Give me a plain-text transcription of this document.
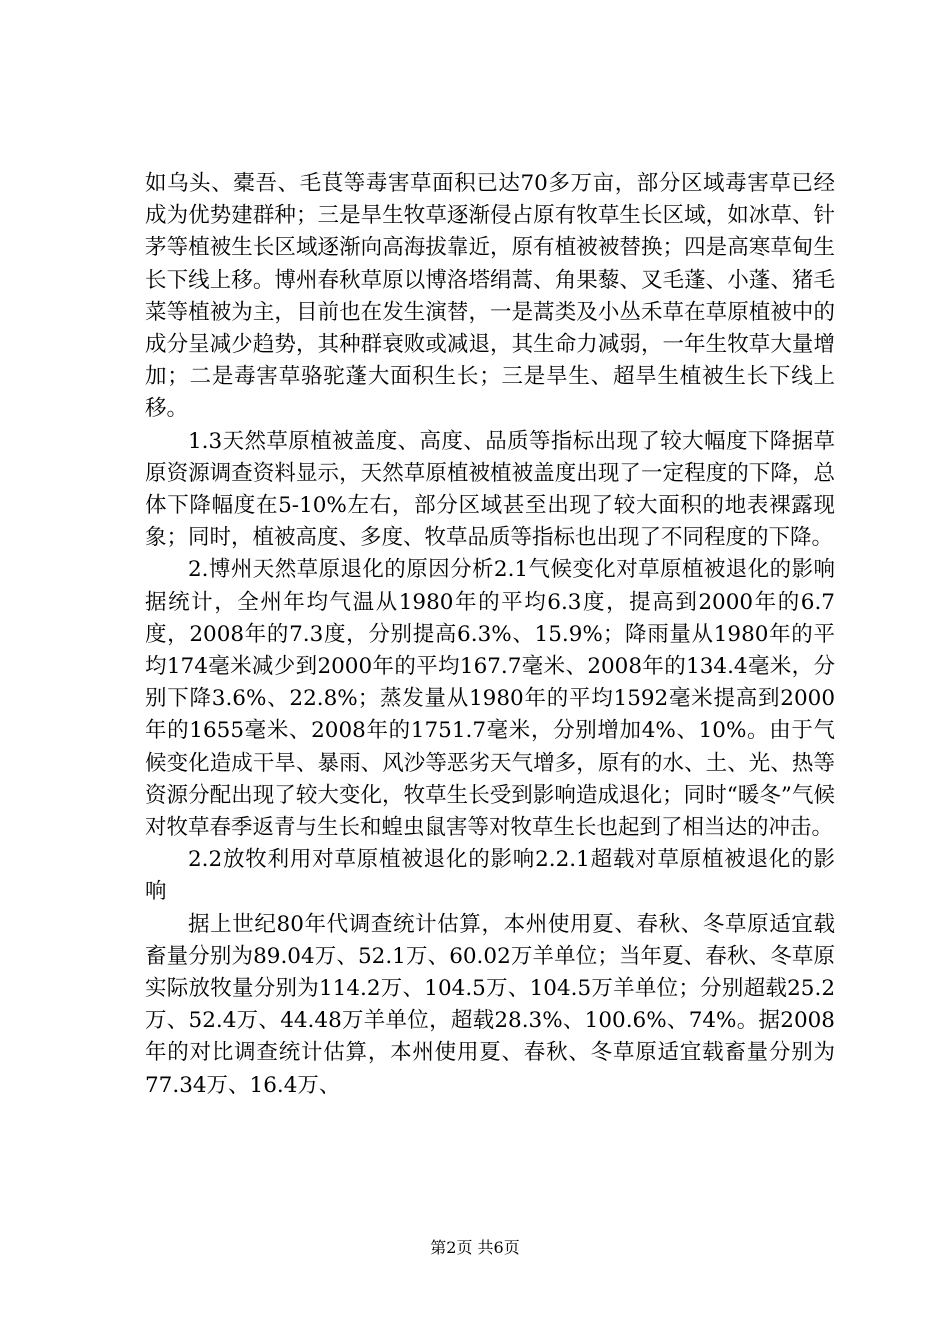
如乌头、橐吾、毛茛等毒害草面积已达70多万亩，部分区域毒害草已经成为优势建群种；三是旱生牧草逐渐侵占原有牧草生长区域，如冰草、针茅等植被生长区域逐渐向高海拔靠近，原有植被被替换；四是高寒草甸生长下线上移。博州春秋草原以博洛塔绢蒿、角果藜、叉毛蓬、小蓬、猪毛菜等植被为主，目前也在发生演替，一是蒿类及小丛禾草在草原植被中的成分呈减少趋势，其种群衰败或减退，其生命力减弱，一年生牧草大量增加；二是毒害草骆驼蓬大面积生长；三是旱生、超旱生植被生长下线上移。

1.3天然草原植被盖度、高度、品质等指标出现了较大幅度下降据草原资源调查资料显示，天然草原植被植被盖度出现了一定程度的下降，总体下降幅度在5-10%左右，部分区域甚至出现了较大面积的地表裸露现象；同时，植被高度、多度、牧草品质等指标也出现了不同程度的下降。

2.博州天然草原退化的原因分析2.1气候变化对草原植被退化的影响据统计，全州年均气温从1980年的平均6.3度，提高到2000年的6.7度，2008年的7.3度，分别提高6.3%、15.9%；降雨量从1980年的平均174毫米减少到2000年的平均167.7毫米、2008年的134.4毫米，分别下降3.6%、22.8%；蒸发量从1980年的平均1592毫米提高到2000年的1655毫米、2008年的1751.7毫米，分别增加4%、10%。由于气候变化造成干旱、暴雨、风沙等恶劣天气增多，原有的水、土、光、热等资源分配出现了较大变化，牧草生长受到影响造成退化；同时“暖冬”气候对牧草春季返青与生长和蝗虫鼠害等对牧草生长也起到了相当达的冲击。

2.2放牧利用对草原植被退化的影响2.2.1超载对草原植被退化的影响

据上世纪80年代调查统计估算，本州使用夏、春秋、冬草原适宜载畜量分别为89.04万、52.1万、60.02万羊单位；当年夏、春秋、冬草原实际放牧量分别为114.2万、104.5万、104.5万羊单位；分别超载25.2万、52.4万、44.48万羊单位，超载28.3%、100.6%、74%。据2008年的对比调查统计估算，本州使用夏、春秋、冬草原适宜载畜量分别为77.34万、16.4万、

第2页 共6页
